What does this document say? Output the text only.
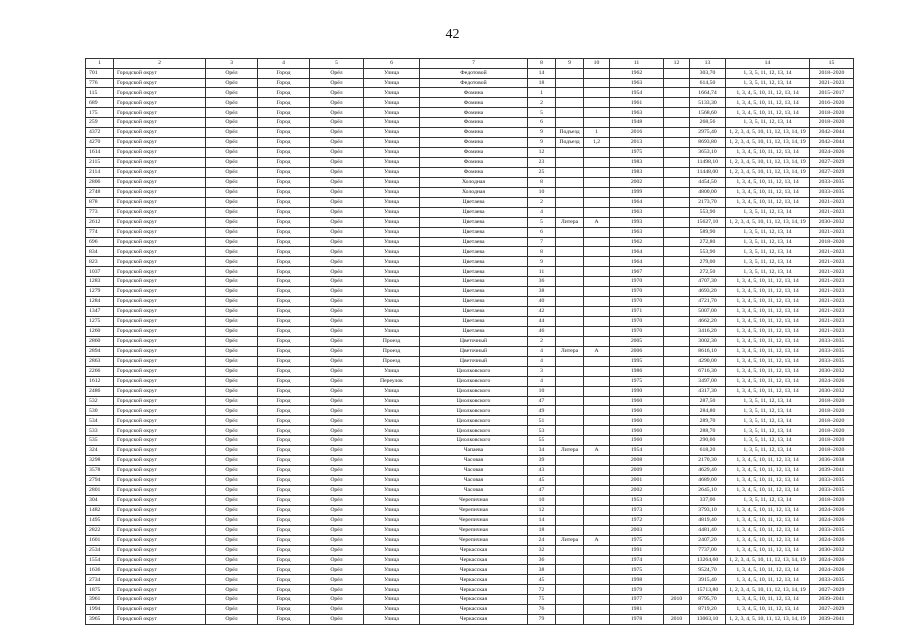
42
1	2	3	4	5	6	7	8	9	10	11	12	13	14	15
701	Городской округ	Орёл	Город	Орёл	Улица	Федотовой	14			1962		303,70	1, 3, 5, 11, 12, 13, 14	2018–2020
776	Городской округ	Орёл	Город	Орёл	Улица	Федотовой	18			1963		614,50	1, 3, 5, 11, 12, 13, 14	2021–2023
115	Городской округ	Орёл	Город	Орёл	Улица	Фомина	1			1954		1664,74	1, 3, 4, 5, 10, 11, 12, 13, 14	2015–2017
689	Городской округ	Орёл	Город	Орёл	Улица	Фомина	2			1961		5133,30	1, 3, 4, 5, 10, 11, 12, 13, 14	2016–2020
175	Городской округ	Орёл	Город	Орёл	Улица	Фомина	5			1963		1568,60	1, 3, 4, 5, 10, 11, 12, 13, 14	2018–2020
259	Городской округ	Орёл	Город	Орёл	Улица	Фомина	6			1948		268,56	1, 3, 5, 11, 12, 13, 14	2018–2020
4372	Городской округ	Орёл	Город	Орёл	Улица	Фомина	9	Подъезд	1	2016		2975,40	1, 2, 3, 4, 5, 10, 11, 12, 13, 14, 19	2042–2044
4270	Городской округ	Орёл	Город	Орёл	Улица	Фомина	9	Подъезд	1,2	2013		8693,80	1, 2, 3, 4, 5, 10, 11, 12, 13, 14, 19	2042–2044
1614	Городской округ	Орёл	Город	Орёл	Улица	Фомина	12			1975		3653,10	1, 3, 4, 5, 10, 11, 12, 13, 14	2024–2026
2115	Городской округ	Орёл	Город	Орёл	Улица	Фомина	23			1983		11498,10	1, 2, 3, 4, 5, 10, 11, 12, 13, 14, 19	2027–2029
2114	Городской округ	Орёл	Город	Орёл	Улица	Фомина	25			1983		11448,00	1, 2, 3, 4, 5, 10, 11, 12, 13, 14, 19	2027–2029
2806	Городской округ	Орёл	Город	Орёл	Улица	Холодная	8			2002		4454,50	1, 3, 4, 5, 10, 11, 12, 13, 14	2033–2035
2748	Городской округ	Орёл	Город	Орёл	Улица	Холодная	10			1999		4800,00	1, 3, 4, 5, 10, 11, 12, 13, 14	2033–2035
878	Городской округ	Орёл	Город	Орёл	Улица	Цветаева	2			1964		2173,70	1, 3, 4, 5, 10, 11, 12, 13, 14	2021–2023
773	Городской округ	Орёл	Город	Орёл	Улица	Цветаева	4			1963		553,90	1, 3, 5, 11, 12, 13, 14	2021–2023
2612	Городской округ	Орёл	Город	Орёл	Улица	Цветаева	5	Литера	А	1993		15627,10	1, 2, 3, 4, 5, 10, 11, 12, 13, 14, 19	2030–2032
774	Городской округ	Орёл	Город	Орёл	Улица	Цветаева	6			1963		589,90	1, 3, 5, 11, 12, 13, 14	2021–2023
696	Городской округ	Орёл	Город	Орёл	Улица	Цветаева	7			1962		272,80	1, 3, 5, 11, 12, 13, 14	2018–2020
834	Городской округ	Орёл	Город	Орёл	Улица	Цветаева	8			1964		553,90	1, 3, 5, 11, 12, 13, 14	2021–2023
823	Городской округ	Орёл	Город	Орёл	Улица	Цветаева	9			1964		279,00	1, 3, 5, 11, 12, 13, 14	2021–2023
1037	Городской округ	Орёл	Город	Орёл	Улица	Цветаева	11			1967		272,50	1, 3, 5, 11, 12, 13, 14	2021–2023
1283	Городской округ	Орёл	Город	Орёл	Улица	Цветаева	36			1970		4707,30	1, 3, 4, 5, 10, 11, 12, 13, 14	2021–2023
1279	Городской округ	Орёл	Город	Орёл	Улица	Цветаева	38			1970		4693,20	1, 3, 4, 5, 10, 11, 12, 13, 14	2021–2023
1284	Городской округ	Орёл	Город	Орёл	Улица	Цветаева	40			1970		4721,70	1, 3, 4, 5, 10, 11, 12, 13, 14	2021–2023
1347	Городской округ	Орёл	Город	Орёл	Улица	Цветаева	42			1971		5007,00	1, 3, 4, 5, 10, 11, 12, 13, 14	2021–2023
1275	Городской округ	Орёл	Город	Орёл	Улица	Цветаева	44			1970		4662,20	1, 3, 4, 5, 10, 11, 12, 13, 14	2021–2023
1260	Городской округ	Орёл	Город	Орёл	Улица	Цветаева	46			1970		3416,20	1, 3, 4, 5, 10, 11, 12, 13, 14	2021–2023
2860	Городской округ	Орёл	Город	Орёл	Проезд	Цветочный	2			2005		3002,30	1, 3, 4, 5, 10, 11, 12, 13, 14	2033–2035
2894	Городской округ	Орёл	Город	Орёл	Проезд	Цветочный	4	Литера	А	2006		8616,10	1, 3, 4, 5, 10, 11, 12, 13, 14	2033–2035
2863	Городской округ	Орёл	Город	Орёл	Проезд	Цветочный	4			1995		4290,00	1, 3, 4, 5, 10, 11, 12, 13, 14	2033–2035
2266	Городской округ	Орёл	Город	Орёл	Улица	Циолковского	3			1986		6716,30	1, 3, 4, 5, 10, 11, 12, 13, 14	2030–2032
1612	Городской округ	Орёл	Город	Орёл	Переулок	Циолковского	4			1975		3497,00	1, 3, 4, 5, 10, 11, 12, 13, 14	2024–2026
2486	Городской округ	Орёл	Город	Орёл	Улица	Циолковского	10			1990		4317,30	1, 3, 4, 5, 10, 11, 12, 13, 14	2030–2032
532	Городской округ	Орёл	Город	Орёл	Улица	Циолковского	47			1960		287,50	1, 3, 5, 11, 12, 13, 14	2018–2020
530	Городской округ	Орёл	Город	Орёл	Улица	Циолковского	49			1960		284,80	1, 3, 5, 11, 12, 13, 14	2018–2020
534	Городской округ	Орёл	Город	Орёл	Улица	Циолковского	51			1960		289,70	1, 3, 5, 11, 12, 13, 14	2018–2020
533	Городской округ	Орёл	Город	Орёл	Улица	Циолковского	53			1960		288,70	1, 3, 5, 11, 12, 13, 14	2018–2020
535	Городской округ	Орёл	Город	Орёл	Улица	Циолковского	55			1960		290,60	1, 3, 5, 11, 12, 13, 14	2018–2020
324	Городской округ	Орёл	Город	Орёл	Улица	Чапаева	34	Литера	А	1954		618,20	1, 3, 5, 11, 12, 13, 14	2018–2020
3298	Городской округ	Орёл	Город	Орёл	Улица	Часовая	39			2008		2170,30	1, 3, 4, 5, 10, 11, 12, 13, 14	2036–2038
3578	Городской округ	Орёл	Город	Орёл	Улица	Часовая	43			2009		4629,40	1, 3, 4, 5, 10, 11, 12, 13, 14	2039–2041
2794	Городской округ	Орёл	Город	Орёл	Улица	Часовая	45			2001		4689,00	1, 3, 4, 5, 10, 11, 12, 13, 14	2033–2035
2801	Городской округ	Орёл	Город	Орёл	Улица	Часовая	47			2002		2645,10	1, 3, 4, 5, 10, 11, 12, 13, 14	2033–2035
304	Городской округ	Орёл	Город	Орёл	Улица	Черепичная	10			1953		337,00	1, 3, 5, 11, 12, 13, 14	2018–2020
1482	Городской округ	Орёл	Город	Орёл	Улица	Черепичная	12			1973		3793,10	1, 3, 4, 5, 10, 11, 12, 13, 14	2024–2026
1495	Городской округ	Орёл	Город	Орёл	Улица	Черепичная	14			1972		4819,40	1, 3, 4, 5, 10, 11, 12, 13, 14	2024–2026
2822	Городской округ	Орёл	Город	Орёл	Улица	Черепичная	18			2003		4481,40	1, 3, 4, 5, 10, 11, 12, 13, 14	2033–2035
1601	Городской округ	Орёл	Город	Орёл	Улица	Черепичная	24	Литера	А	1975		2407,20	1, 3, 4, 5, 10, 11, 12, 13, 14	2024–2026
2534	Городской округ	Орёл	Город	Орёл	Улица	Черкасская	32			1991		7737,00	1, 3, 4, 5, 10, 11, 12, 13, 14	2030–2032
1554	Городской округ	Орёл	Город	Орёл	Улица	Черкасская	36			1974		13264,60	1, 2, 3, 4, 5, 10, 11, 12, 13, 14, 19	2024–2026
1636	Городской округ	Орёл	Город	Орёл	Улица	Черкасская	38			1975		9524,70	1, 3, 4, 5, 10, 11, 12, 13, 14	2024–2026
2734	Городской округ	Орёл	Город	Орёл	Улица	Черкасская	45			1998		3915,40	1, 3, 4, 5, 10, 11, 12, 13, 14	2033–2035
1875	Городской округ	Орёл	Город	Орёл	Улица	Черкасская	72			1979		15713,80	1, 2, 3, 4, 5, 10, 11, 12, 13, 14, 19	2027–2029
3961	Городской округ	Орёл	Город	Орёл	Улица	Черкасская	75			1977	2010	8795,70	1, 3, 4, 5, 10, 11, 12, 13, 14	2039–2041
1994	Городской округ	Орёл	Город	Орёл	Улица	Черкасская	76			1981		8719,20	1, 3, 4, 5, 10, 11, 12, 13, 14	2027–2029
3965	Городской округ	Орёл	Город	Орёл	Улица	Черкасская	79			1978	2010	13063,10	1, 2, 3, 4, 5, 10, 11, 12, 13, 14, 19	2039–2041
